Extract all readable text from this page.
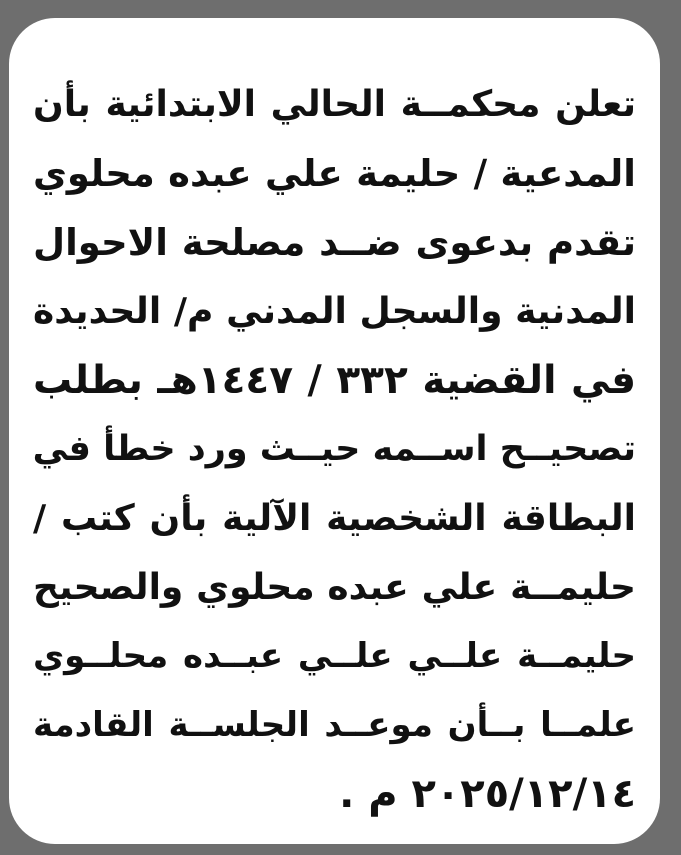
تعلن محكمــة الحالي الابتدائية بأن
المدعية / حليمة علي عبده محلوي
تقدم بدعوى ضــد مصلحة الاحوال
المدنية والسجل المدني م/ الحديدة
في القضية ٣٣٢ / ١٤٤٧هـ بطلب
تصحيــح اســمه حيــث ورد خطأ في
البطاقة الشخصية الآلية بأن كتب /
حليمــة علي عبده محلوي والصحيح
حليمــة علــي علــي عبــده محلــوي
علمــا بــأن موعــد الجلســة القادمة
٢٠٢٥/١٢/١٤ م .
